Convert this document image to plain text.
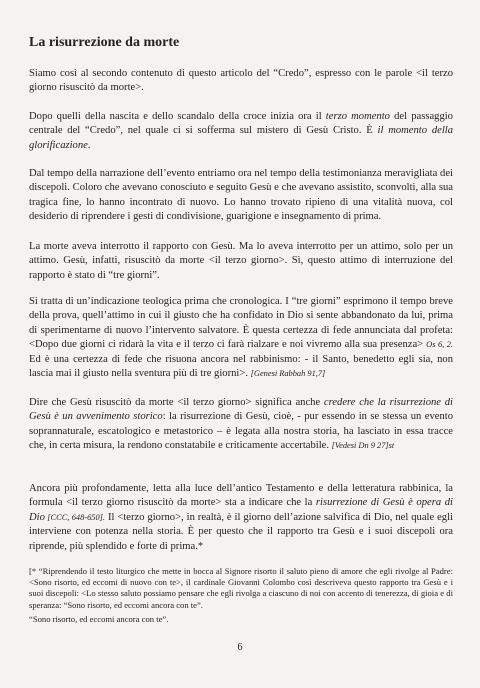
La risurrezione da morte

Siamo così al secondo contenuto di questo articolo del “Credo”, espresso con le parole <il terzo giorno risuscitò da morte>.

Dopo quelli della nascita e dello scandalo della croce inizia ora il terzo momento del passaggio centrale del “Credo”, nel quale ci si sofferma sul mistero di Gesù Cristo. È il momento della glorificazione.

Dal tempo della narrazione dell’evento entriamo ora nel tempo della testimonianza meravigliata dei discepoli. Coloro che avevano conosciuto e seguito Gesù e che avevano assistito, sconvolti, alla sua tragica fine, lo hanno incontrato di nuovo. Lo hanno trovato ripieno di una vitalità nuova, col desiderio di riprendere i gesti di condivisione, guarigione e insegnamento di prima.

La morte aveva interrotto il rapporto con Gesù. Ma lo aveva interrotto per un attimo, solo per un attimo. Gesù, infatti, risuscitò da morte <il terzo giorno>. Sì, questo attimo di interruzione del rapporto è stato di “tre giorni”.

Si tratta di un’indicazione teologica prima che cronologica. I “tre giorni” esprimono il tempo breve della prova, quell’attimo in cui il giusto che ha confidato in Dio si sente abbandonato da lui, prima di sperimentarne di nuovo l’intervento salvatore. È questa certezza di fede annunciata dal profeta: <Dopo due giorni ci ridarà la vita e il terzo ci farà rialzare e noi vivremo alla sua presenza> Os 6, 2. Ed è una certezza di fede che risuona ancora nel rabbinismo: - il Santo, benedetto egli sia, non lascia mai il giusto nella sventura più di tre giorni>. [Genesi Rabbah 91,7]

Dire che Gesù risuscitò da morte <il terzo giorno> significa anche credere che la risurrezione di Gesù è un avvenimento storico: la risurrezione di Gesù, cioè, - pur essendo in se stessa un evento soprannaturale, escatologico e metastorico – è legata alla nostra storia, ha lasciato in essa tracce che, in certa misura, la rendono constatabile e criticamente accertabile. [Vedesi Dn 9 27]st

Ancora più profondamente, letta alla luce dell’antico Testamento e della letteratura rabbinica, la formula <il terzo giorno risuscitò da morte> sta a indicare che la risurrezione di Gesù è opera di Dio [CCC, 648-650]. Il <terzo giorno>, in realtà, è il giorno dell’azione salvifica di Dio, nel quale egli interviene con potenza nella storia. È per questo che il rapporto tra Gesù e i suoi discepoli ora riprende, più splendido e forte di prima.*

[* “Riprendendo il testo liturgico che mette in bocca al Signore risorto il saluto pieno di amore che egli rivolge al Padre: <Sono risorto, ed eccomi di nuovo con te>, il cardinale Giovanni Colombo così descriveva questo rapporto tra Gesù e i suoi discepoli: <Lo stesso saluto possiamo pensare che egli rivolga a ciascuno di noi con accento di tenerezza, di gioia e di speranza: “Sono risorto, ed eccomi ancora con te”.

“Sono risorto, ed eccomi ancora con te”.

6
